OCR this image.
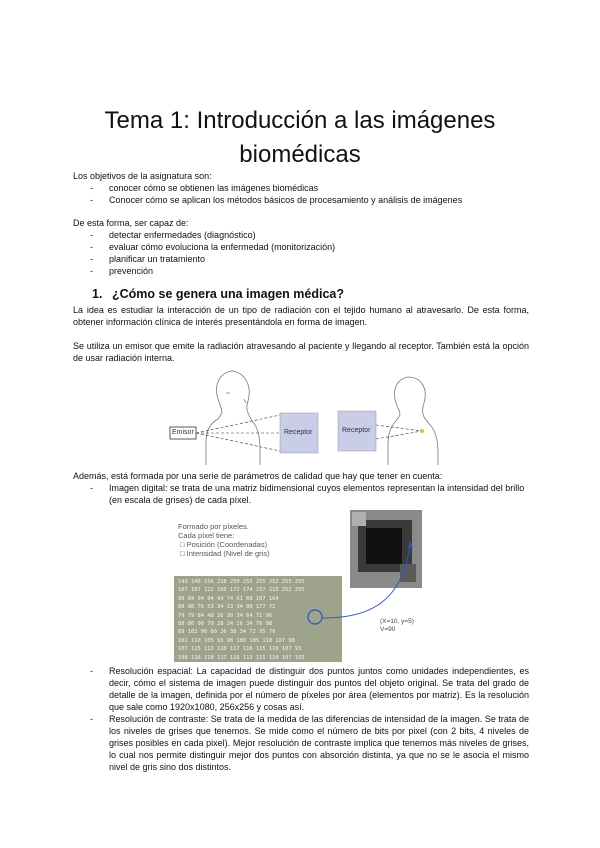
Tema 1: Introducción a las imágenes
biomédicas
Los objetivos de la asignatura son:
- conocer cómo se obtienen las imágenes biomédicas
- Conocer cómo se aplican los métodos básicos de procesamiento y análisis de imágenes
De esta forma, ser capaz de:
- detectar enfermedades (diagnóstico)
- evaluar cómo evoluciona la enfermedad (monitorización)
- planificar un tratamiento
- prevención
1. ¿Cómo se genera una imagen médica?
La idea es estudiar la interacción de un tipo de radiación con el tejido humano al atravesarlo. De esta forma, obtener información clínica de interés presentándola en forma de imagen.
Se utiliza un emisor que emite la radiación atravesando al paciente y llegando al receptor. También está la opción de usar radiación interna.
Emisor	Receptor	Receptor
Además, está formada por una serie de parámetros de calidad que hay que tener en cuenta:
- Imagen digital: se trata de una matriz bidimensional cuyos elementos representan la intensidad del brillo (en escala de grises) de cada píxel.
Formado por píxeles.
Cada píxel tiene:
□ Posición (Coordenadas)
□ Intensidad (Nivel de gris)
143 146 156 218 250 255 255 252 255 255
107 107 122 160 172 174 237 215 252 255
90 84 94 94 94 74 61 68 107 164
88 86 76 53 34 13 34 80 177 72
79 79 84 48 26 30 34 64 71 96
88 86 90 79 28 24 26 34 76 98
89 102 90 80 26 38 34 72 95 70
102 110 105 93 98 100 105 110 107 98
107 115 113 110 117 116 115 110 107 93
108 116 118 117 116 113 115 110 107 103
(X=10, y=5)
V=90
- Resolución espacial: La capacidad de distinguir dos puntos juntos como unidades independientes, es decir, cómo el sistema de imagen puede distinguir dos puntos del objeto original. Se trata del grado de detalle de la imagen, definida por el número de píxeles por área (elementos por matriz). Es la resolución que sale como 1920x1080, 256x256 y cosas así.
- Resolución de contraste: Se trata de la medida de las diferencias de intensidad de la imagen. Se trata de los niveles de grises que tenemos. Se mide como el número de bits por pixel (con 2 bits, 4 niveles de grises posibles en cada pixel). Mejor resolución de contraste implica que tenemos más niveles de grises, lo cual nos permite distinguir mejor dos puntos con absorción distinta, ya que no se le asocia el mismo nivel de gris sino dos distintos.
